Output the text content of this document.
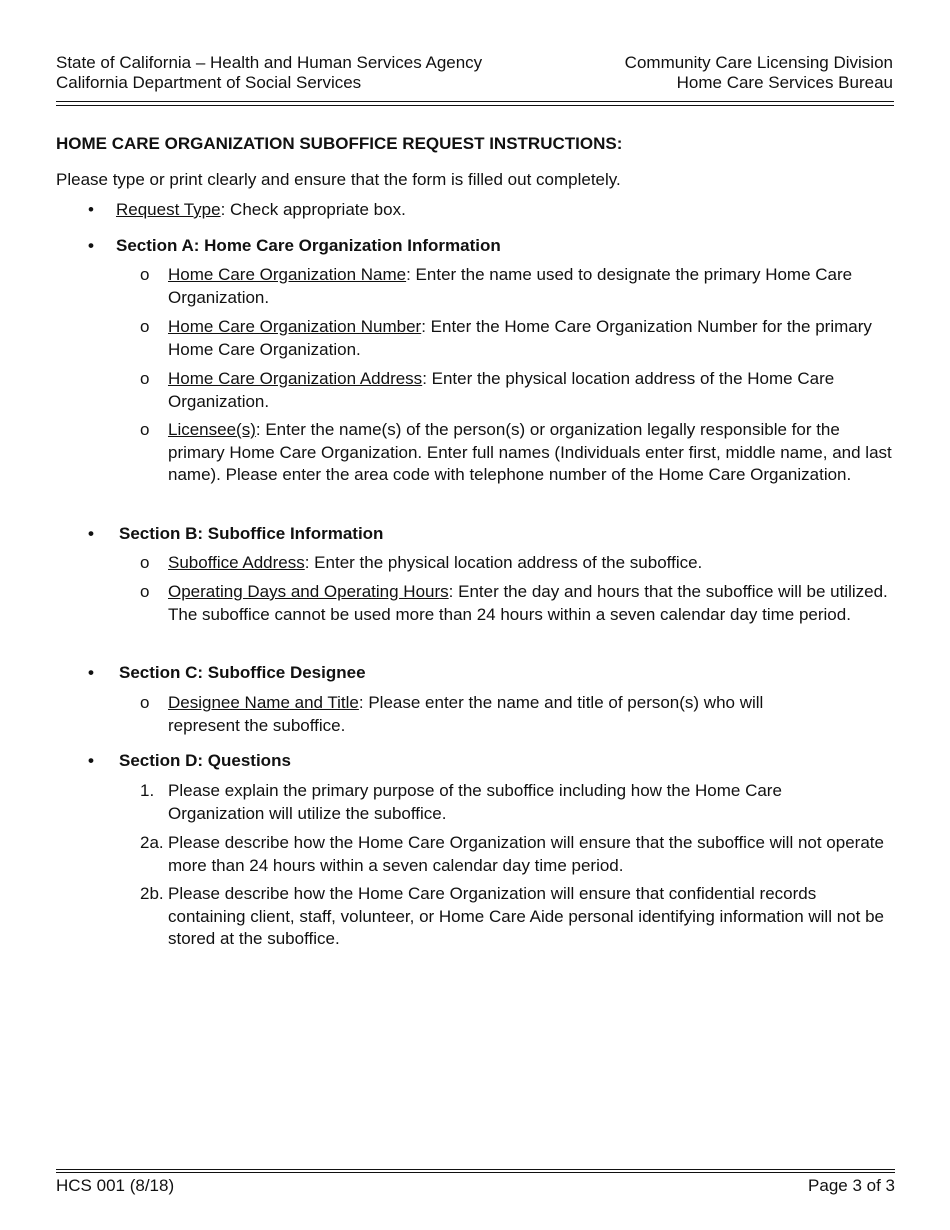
State of California – Health and Human Services Agency
California Department of Social Services
Community Care Licensing Division
Home Care Services Bureau
HOME CARE ORGANIZATION SUBOFFICE REQUEST INSTRUCTIONS:

Please type or print clearly and ensure that the form is filled out completely.

• Request Type: Check appropriate box.
• Section A: Home Care Organization Information
o Home Care Organization Name: Enter the name used to designate the primary Home Care Organization.
o Home Care Organization Number: Enter the Home Care Organization Number for the primary Home Care Organization.
o Home Care Organization Address: Enter the physical location address of the Home Care Organization.
o Licensee(s): Enter the name(s) of the person(s) or organization legally responsible for the primary Home Care Organization. Enter full names (Individuals enter first, middle name, and last name). Please enter the area code with telephone number of the Home Care Organization.
• Section B: Suboffice Information
o Suboffice Address: Enter the physical location address of the suboffice.
o Operating Days and Operating Hours: Enter the day and hours that the suboffice will be utilized. The suboffice cannot be used more than 24 hours within a seven calendar day time period.
• Section C: Suboffice Designee
o Designee Name and Title: Please enter the name and title of person(s) who will represent the suboffice.
• Section D: Questions
1. Please explain the primary purpose of the suboffice including how the Home Care Organization will utilize the suboffice.
2a. Please describe how the Home Care Organization will ensure that the suboffice will not operate more than 24 hours within a seven calendar day time period.
2b. Please describe how the Home Care Organization will ensure that confidential records containing client, staff, volunteer, or Home Care Aide personal identifying information will not be stored at the suboffice.
HCS 001 (8/18)	Page 3 of 3
